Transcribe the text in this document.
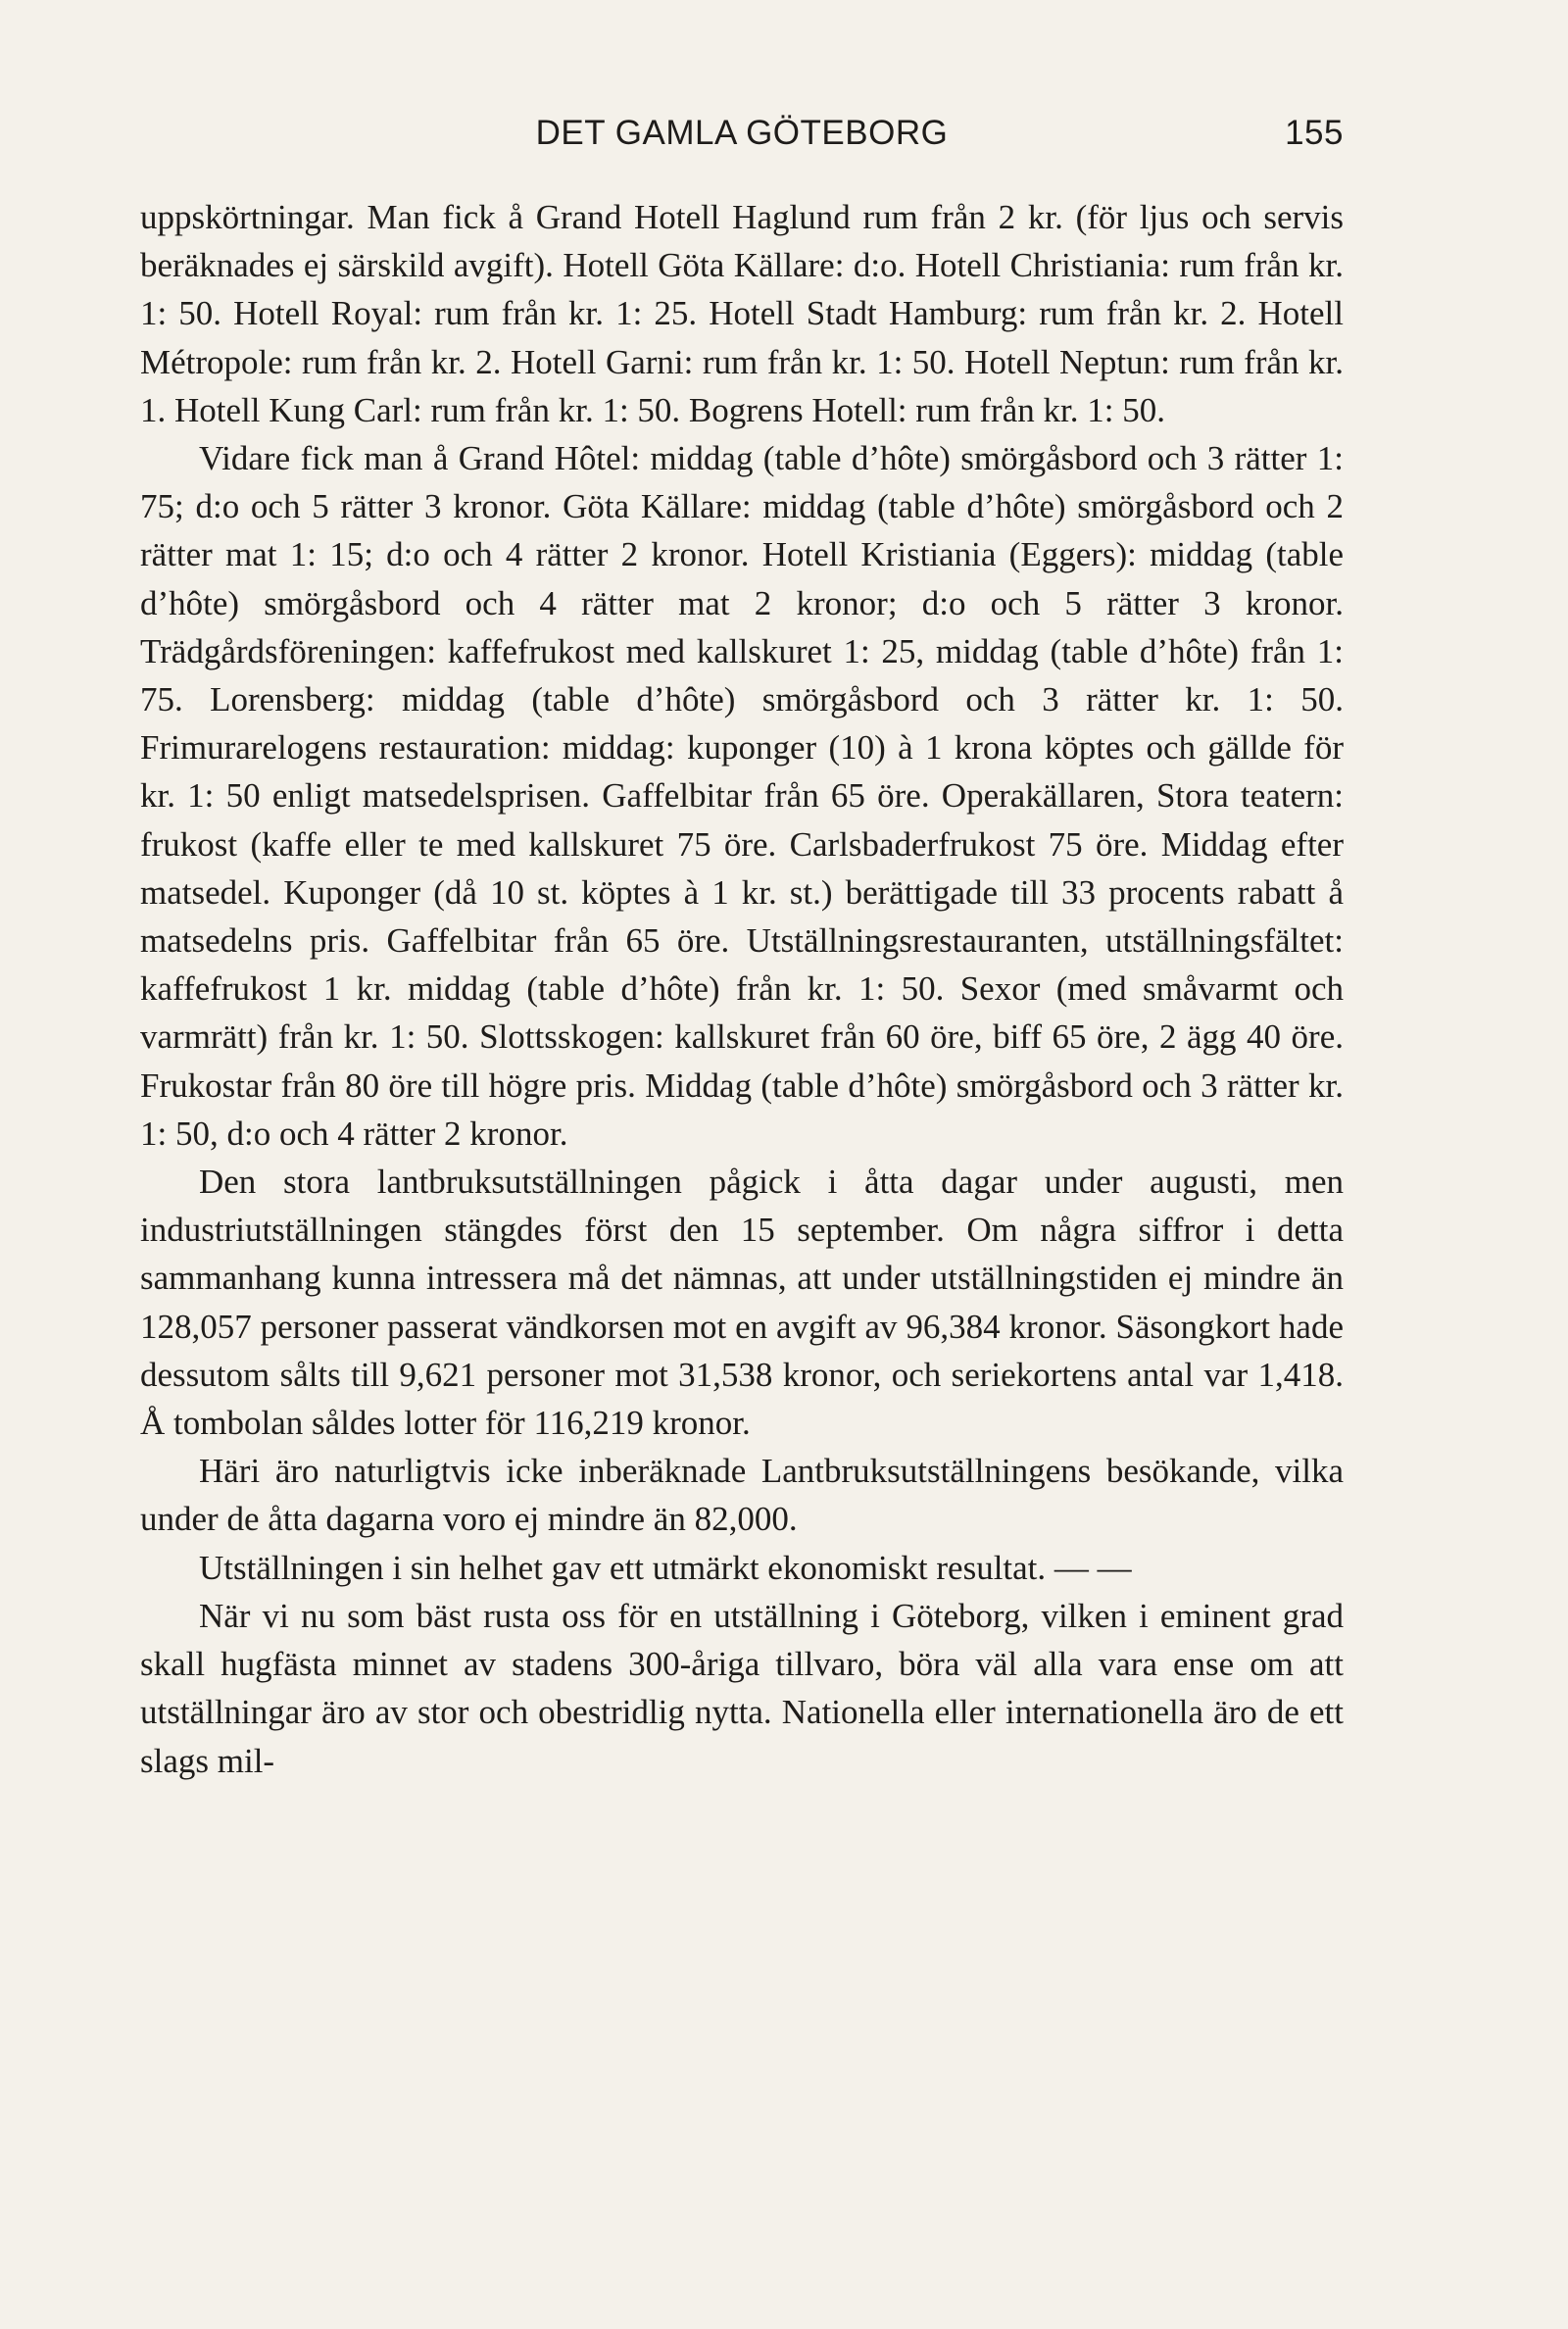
DET GAMLA GÖTEBORG	155

uppskörtningar. Man fick å Grand Hotell Haglund rum från 2 kr. (för ljus och servis beräknades ej särskild avgift). Hotell Göta Källare: d:o. Hotell Christiania: rum från kr. 1: 50. Hotell Royal: rum från kr. 1: 25. Hotell Stadt Hamburg: rum från kr. 2. Hotell Métropole: rum från kr. 2. Hotell Garni: rum från kr. 1: 50. Hotell Neptun: rum från kr. 1. Hotell Kung Carl: rum från kr. 1: 50. Bogrens Hotell: rum från kr. 1: 50.

Vidare fick man å Grand Hôtel: middag (table d’hôte) smörgåsbord och 3 rätter 1: 75; d:o och 5 rätter 3 kronor. Göta Källare: middag (table d’hôte) smörgåsbord och 2 rätter mat 1: 15; d:o och 4 rätter 2 kronor. Hotell Kristiania (Eggers): middag (table d’hôte) smörgåsbord och 4 rätter mat 2 kronor; d:o och 5 rätter 3 kronor. Trädgårdsföreningen: kaffefrukost med kallskuret 1: 25, middag (table d’hôte) från 1: 75. Lorensberg: middag (table d’hôte) smörgåsbord och 3 rätter kr. 1: 50. Frimurarelogens restauration: middag: kuponger (10) à 1 krona köptes och gällde för kr. 1: 50 enligt matsedelsprisen. Gaffelbitar från 65 öre. Operakällaren, Stora teatern: frukost (kaffe eller te med kallskuret 75 öre. Carlsbaderfrukost 75 öre. Middag efter matsedel. Kuponger (då 10 st. köptes à 1 kr. st.) berättigade till 33 procents rabatt å matsedelns pris. Gaffelbitar från 65 öre. Utställningsrestauranten, utställningsfältet: kaffefrukost 1 kr. middag (table d’hôte) från kr. 1: 50. Sexor (med småvarmt och varmrätt) från kr. 1: 50. Slottsskogen: kallskuret från 60 öre, biff 65 öre, 2 ägg 40 öre. Frukostar från 80 öre till högre pris. Middag (table d’hôte) smörgåsbord och 3 rätter kr. 1: 50, d:o och 4 rätter 2 kronor.

Den stora lantbruksutställningen pågick i åtta dagar under augusti, men industriutställningen stängdes först den 15 september. Om några siffror i detta sammanhang kunna intressera må det nämnas, att under utställningstiden ej mindre än 128,057 personer passerat vändkorsen mot en avgift av 96,384 kronor. Säsongkort hade dessutom sålts till 9,621 personer mot 31,538 kronor, och seriekortens antal var 1,418. Å tombolan såldes lotter för 116,219 kronor.

Häri äro naturligtvis icke inberäknade Lantbruksutställningens besökande, vilka under de åtta dagarna voro ej mindre än 82,000.

Utställningen i sin helhet gav ett utmärkt ekonomiskt resultat. — —

När vi nu som bäst rusta oss för en utställning i Göteborg, vilken i eminent grad skall hugfästa minnet av stadens 300-åriga tillvaro, böra väl alla vara ense om att utställningar äro av stor och obestridlig nytta. Nationella eller internationella äro de ett slags mil-
